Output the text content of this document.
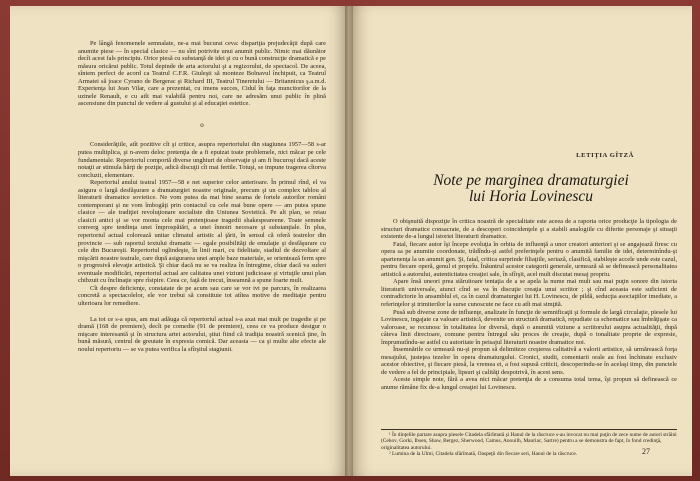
Pe lângă fenomenele semnalate, ne-a mai bucurat ceva: dispariţia prejudecăţii după care anumite piese — în special clasice — nu sînt potrivite unui anumit public. Nimic mai dăunător decît acest fals principiu. Orice piesă cu substanţă de idei şi cu o bună construcţie dramatică e pe măsura oricărui public. Totul depinde de arta actorului şi a regizorului, de spectacol. De aceea, sîntem perfect de acord ca Teatrul C.F.R. Giuleşti să monteze Bolnavul închipuit, ca Teatrul Armatei să joace Cyrano de Bergerac şi Richard III, Teatrul Tineretului — Britannicus ş.a.m.d. Experienţa lui Jean Vilar, care a prezentat, cu imens succes, Cidul în faţa muncitorilor de la uzinele Renault, e cu atît mai valabilă pentru noi, care ne adresăm unui public în plină ascensiune din punctul de vedere al gustului şi al educaţiei estetice.

o

Considerăţiile, atît pozitive cît şi critice, asupra repertoriului din stagiunea 1957—58 s-ar putea multiplica, şi n-avem deloc pretenţia de a fi epuizat toate problemele, nici măcar pe cele fundamentale. Repertoriul comportă diverse unghiuri de observaţie şi am fi bucuroşi dacă aceste notaţii ar stimula hărţi de poziţie, adică discuţii cît mai fertile. Totuşi, se impune tragerea cîtorva concluzii, elementare.

Repertoriul anului teatral 1957—58 e net superior celor anterioare. În primul rînd, el va asigura o largă desfăşurare a dramaturgiei noastre originale, precum şi un complex tablou al literaturii dramatice sovietice. Ne vom putea da mai bine seama de fortele autorilor români contemporani şi ne vom îmbogăţi prin contactul cu cele mai bune opere — am putea spune clasice — ale tradiţiei revoluţionare socialiste din Uniunea Sovietică. Pe alt plan, se reiau clasicii antici şi se vor monta cele mai pretenţioase tragedii shakespeareene. Toate semnele converg spre tendinţa unei împrospătări, a unei înnoiri necesare şi substanţiale. În plus, repertoriul actual colorează unitar climatul artistic al ţării, în sensul că oferă teatrelor din provincie — sub raportul textului dramatic — egale posibilităţi de emulaţie şi desfăşurare cu cele din Bucureşti. Repertoriul oglindeşte, în linii mari, cu fidelitate, stadiul de dezvoltare al mişcării noastre teatrale, care după asigurarea unei ample baze materiale, se orientează ferm spre o progresivă elevaţie artistică. Şi chiar dacă nu se va realiza în întregime, chiar dacă va suferi eventuale modificări, repertoriul actual are calitatea unei viziuni judicioase şi virtuţile unui plan chibzuit cu înclinaţie spre rîsipire. Ceea ce, faţă de trecut, înseamnă a spune foarte mult.

Cît despre deficienţe, constatate de pe acum sau care se vor ivi pe parcurs, în realizarea concretă a spectacolelor, ele vor trebui să constituie tot atîtea motive de meditaţie pentru ulterioara lor remediere.

La tot ce s-a spus, am mai adăuga că repertoriul actual s-a axat mai mult pe tragedie şi pe dramă (168 de premiere), decît pe comedie (91 de premiere), ceea ce va produce desigur o mişcare interesantă şi în structura artei actorului, ştiut fiind că tradiţia noastră scenică ţine, în bună măsură, centrul de greutate în expresia comică. Dar aceasta — ca şi multe alte efecte ale noului repertoriu — se va putea verifica la sfîrşitul stagiunii.

LETIŢIA GÎTZĂ
Note pe marginea dramaturgiei
lui Horia Lovinescu

O obişnuită dispoziţie în critica noastră de specialitate este aceea de a raporta orice producţie la tipologia de structuri dramatice consacrate, de a descoperi coincidenţele şi a stabili analogiile cu diferite personaje şi situaţii existente de-a lungul istoriei literaturii dramatice.

Fatal, fiecare autor îşi începe evoluţia în orbita de influenţă a unor creatori anteriori şi se angajează firesc cu opera sa pe anumite coordonate, trădîndu-şi astfel preferinţele pentru o anumită familie de idei, determinîndu-şi apartenenţa la un anumit gen. Şi, fatal, critica surprinde filiaţiile, seriază, clasifică, stabileşte accele unde este cazul, pentru fiecare operă, genul ei proprîu. Înăuntrul acestor categorii generale, urmează să se definească personalitatea artistică a autorului, autenticitatea creaţiei sale, în sfîrşit, acel mult discutat mesaj propriu.

Apare însă uneori prea stăruitoare tentaţia de a se apela la nume mai mult sau mai puţin sonore din istoria literaturii universale, atunci cînd se va în discuţie creaţia unui scriitor ; şi cînd aceasta este suficient de contradictorie în ansamblul ei, ca în cazul dramaturgiei lui H. Lovinescu, de pildă, seducţia asociaţiilor imediate, a referinţelor şi trimiterilor la surse cunoscute ne face cu atît mai simţită.

Pusă sub diverse zone de influenţe, analizate în funcţie de semnificaţii şi formule de largă circulaţie, piesele lui Lovinescu, ingajate ca valoare artistică, devenite un structură dramatică, repudiate ca schematice sau îmbrăţişate ca valoroase, se recunosc în totalitatea lor diversă, după o anumită viziune a scriitorului asupra actualităţii, după câteva linii directoare, comune pentru întregul său proces de creaţie, după o tonalitate proprie de expresie, împrumutîndu-se astfel cu autoritate în peisajul literaturii noastre dramatice noi.

Însemnările ce urmează nu-şi propun să delimiteze creşterea calitativă a valorii artistice, să urmărească forţa mesajului, justeţea tezelor în opera dramaturgului. Cronici, studii, comentarii orale au fost închinate exclusiv acestor obiective, şi fiecare piesă, la vremea ei, a fost supusă criticii, descoperindu-se în acelaşi timp, din punctele de vedere a fel de principiale, lipsuri şi calităţi despotrivă, în acest sens.

Aceste simple note, fără a avea nici măcar pretenţia de a consuma total tema, îşi propun să definească ce anume rămâne fix de-a lungul creaţiei lui Lovinescu.

¹ În dinţelile partare asupra piesele Citadela sfărîmată şi Hanul de la răscruce s-au invocat nu mai puţin de zece nume de autori străini (Cehov, Gorki, Ibsen, Shaw, Bergez, Sherwood, Camus, Anouilh, Mauriac, Sartre) pentru a se demonstra de fapt, în fond credinţă, originalitatea autorului.

² Lumina de la Ulmi, Citadela sfărîmată, Oaspeţii din fiecare seri, Hanul de la răscruce.	27
